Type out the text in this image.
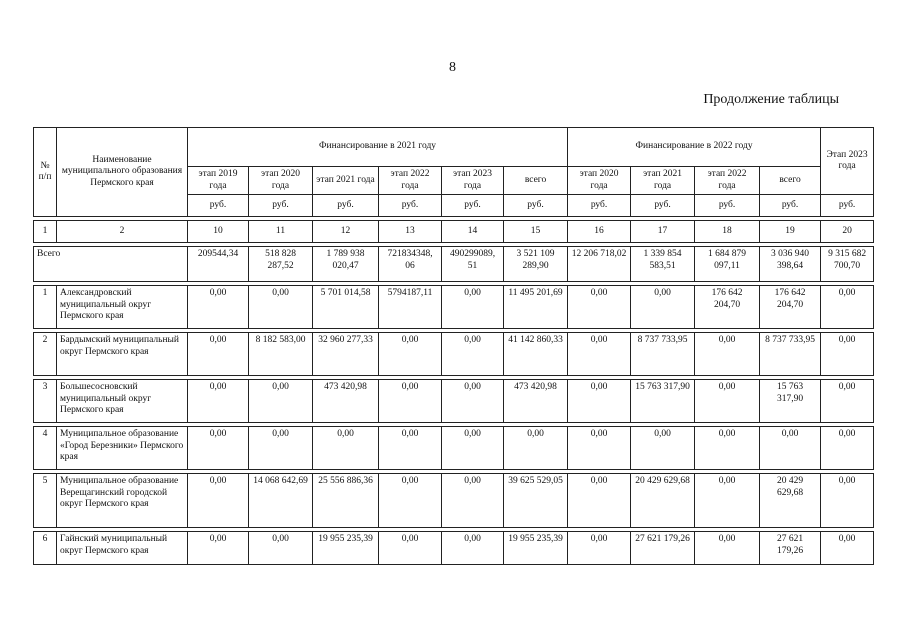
8
Продолжение таблицы
№ п/п	Наименование муниципального образования Пермского края	Финансирование в 2021 году						Финансирование в 2022 году				Этап 2023 года
		этап 2019 года	этап 2020 года	этап 2021 года	этап 2022 года	этап 2023 года	всего	этап 2020 года	этап 2021 года	этап 2022 года	всего	
		руб.	руб.	руб.	руб.	руб.	руб.	руб.	руб.	руб.	руб.	руб.

1	2	10	11	12	13	14	15	16	17	18	19	20

Всего		209544,34	518 828 287,52	1 789 938 020,47	721834348, 06	490299089, 51	3 521 109 289,90	12 206 718,02	1 339 854 583,51	1 684 879 097,11	3 036 940 398,64	9 315 682 700,70

1	Александровский муниципальный округ Пермского края	0,00	0,00	5 701 014,58	5794187,11	0,00	11 495 201,69	0,00	0,00	176 642 204,70	176 642 204,70	0,00

2	Бардымский муниципальный округ Пермского края	0,00	8 182 583,00	32 960 277,33	0,00	0,00	41 142 860,33	0,00	8 737 733,95	0,00	8 737 733,95	0,00

3	Большесосновский муниципальный округ Пермского края	0,00	0,00	473 420,98	0,00	0,00	473 420,98	0,00	15 763 317,90	0,00	15 763 317,90	0,00

4	Муниципальное образование «Город Березники» Пермского края	0,00	0,00	0,00	0,00	0,00	0,00	0,00	0,00	0,00	0,00	0,00

5	Муниципальное образование Верещагинский городской округ Пермского края	0,00	14 068 642,69	25 556 886,36	0,00	0,00	39 625 529,05	0,00	20 429 629,68	0,00	20 429 629,68	0,00

6	Гайнский муниципальный округ Пермского края	0,00	0,00	19 955 235,39	0,00	0,00	19 955 235,39	0,00	27 621 179,26	0,00	27 621 179,26	0,00
